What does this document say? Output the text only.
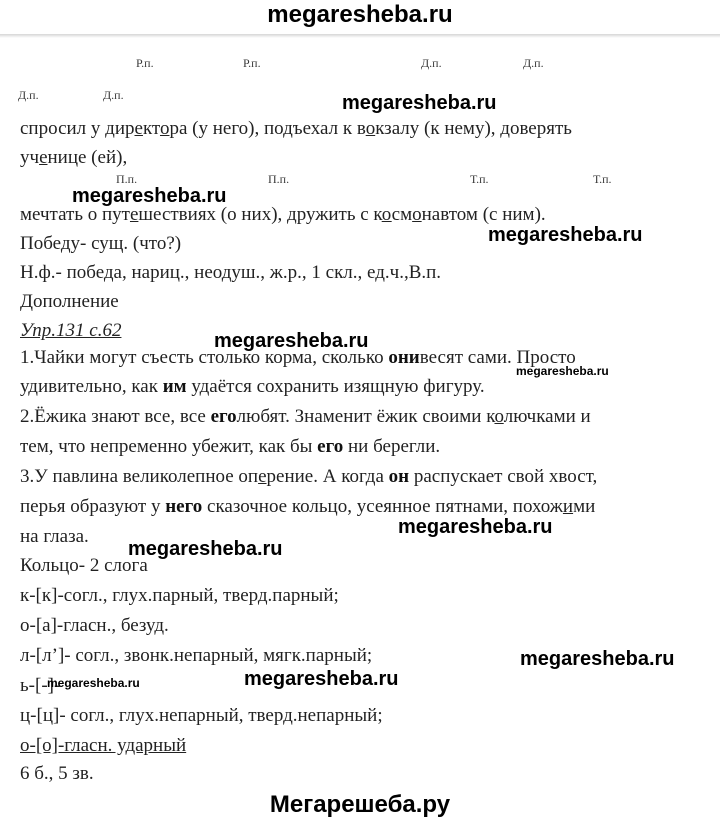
megaresheba.ru
Р.п.	Р.п.	Д.п.	Д.п.
Д.п.	Д.п.
П.п.	П.п.	Т.п.	Т.п.
спросил у директора (у него), подъехал к вокзалу (к нему), доверять
ученице (ей),
мечтать о путешествиях (о них), дружить с космонавтом (с ним).
Победу- сущ. (что?)
Н.ф.- победа, нариц., неодуш., ж.р., 1 скл., ед.ч.,В.п.
Дополнение
Упр.131 с.62
1.Чайки могут съесть столько корма, сколько онивесят сами. Просто
удивительно, как им удаётся сохранить изящную фигуру.
2.Ёжика знают все, все еголюбят. Знаменит ёжик своими колючками и
тем, что непременно убежит, как бы его ни берегли.
3.У павлина великолепное оперение. А когда он распускает свой хвост,
перья образуют у него сказочное кольцо, усеянное пятнами, похожими
на глаза.
Кольцо- 2 слога
к-[к]-согл., глух.парный, тверд.парный;
о-[а]-гласн., безуд.
л-[л’]- согл., звонк.непарный, мягк.парный;
ь-[-]-
ц-[ц]- согл., глух.непарный, тверд.непарный;
о-[о]-гласн. ударный
6 б., 5 зв.
megaresheba.ru
megaresheba.ru
megaresheba.ru
megaresheba.ru
megaresheba.ru
megaresheba.ru
megaresheba.ru
megaresheba.ru
megaresheba.ru	megaresheba.ru
Мегарешеба.ру
